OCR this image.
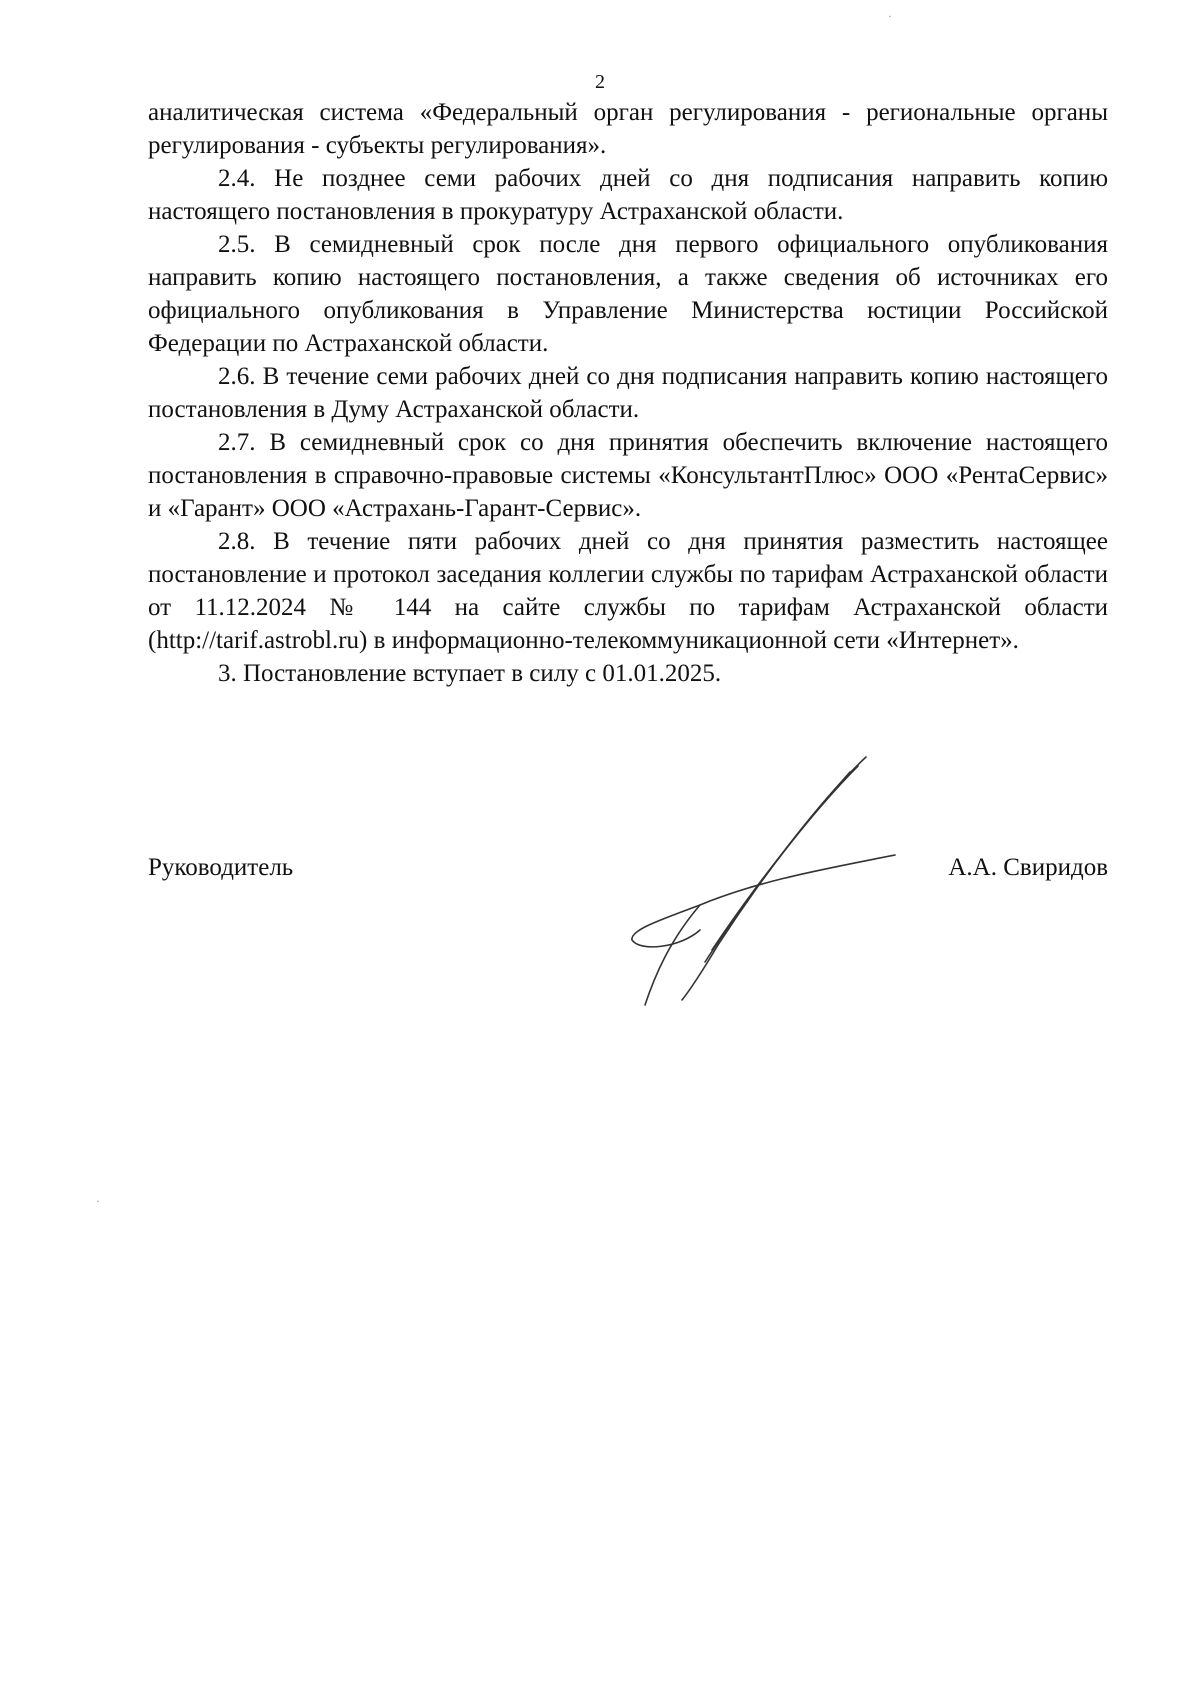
2

аналитическая система «Федеральный орган регулирования - региональные органы регулирования - субъекты регулирования».

2.4. Не позднее семи рабочих дней со дня подписания направить копию настоящего постановления в прокуратуру Астраханской области.

2.5. В семидневный срок после дня первого официального опубликования направить копию настоящего постановления, а также сведения об источниках его официального опубликования в Управление Министерства юстиции Российской Федерации по Астраханской области.

2.6. В течение семи рабочих дней со дня подписания направить копию настоящего постановления в Думу Астраханской области.

2.7. В семидневный срок со дня принятия обеспечить включение настоящего постановления в справочно-правовые системы «КонсультантПлюс» ООО «РентаСервис» и «Гарант» ООО «Астрахань-Гарант-Сервис».

2.8. В течение пяти рабочих дней со дня принятия разместить настоящее постановление и протокол заседания коллегии службы по тарифам Астраханской области от 11.12.2024 № 144 на сайте службы по тарифам Астраханской области (http://tarif.astrobl.ru) в информационно-телекоммуникационной сети «Интернет».

3. Постановление вступает в силу с 01.01.2025.

Руководитель	А.А. Свиридов
·
·
